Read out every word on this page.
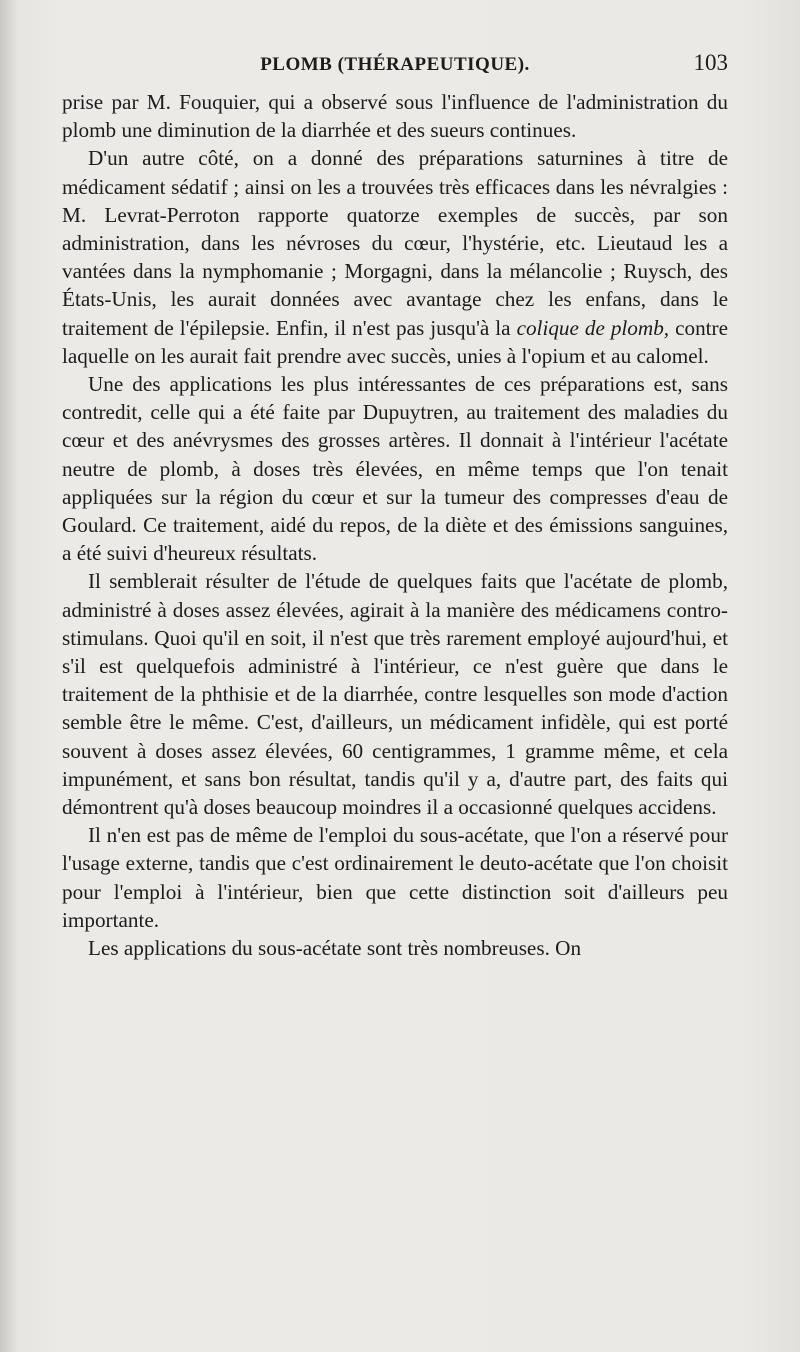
PLOMB (THÉRAPEUTIQUE).	103

prise par M. Fouquier, qui a observé sous l'influence de l'administration du plomb une diminution de la diarrhée et des sueurs continues.

D'un autre côté, on a donné des préparations saturnines à titre de médicament sédatif ; ainsi on les a trouvées très efficaces dans les névralgies : M. Levrat-Perroton rapporte quatorze exemples de succès, par son administration, dans les névroses du cœur, l'hystérie, etc. Lieutaud les a vantées dans la nymphomanie ; Morgagni, dans la mélancolie ; Ruysch, des États-Unis, les aurait données avec avantage chez les enfans, dans le traitement de l'épilepsie. Enfin, il n'est pas jusqu'à la colique de plomb, contre laquelle on les aurait fait prendre avec succès, unies à l'opium et au calomel.

Une des applications les plus intéressantes de ces préparations est, sans contredit, celle qui a été faite par Dupuytren, au traitement des maladies du cœur et des anévrysmes des grosses artères. Il donnait à l'intérieur l'acétate neutre de plomb, à doses très élevées, en même temps que l'on tenait appliquées sur la région du cœur et sur la tumeur des compresses d'eau de Goulard. Ce traitement, aidé du repos, de la diète et des émissions sanguines, a été suivi d'heureux résultats.

Il semblerait résulter de l'étude de quelques faits que l'acétate de plomb, administré à doses assez élevées, agirait à la manière des médicamens contro-stimulans. Quoi qu'il en soit, il n'est que très rarement employé aujourd'hui, et s'il est quelquefois administré à l'intérieur, ce n'est guère que dans le traitement de la phthisie et de la diarrhée, contre lesquelles son mode d'action semble être le même. C'est, d'ailleurs, un médicament infidèle, qui est porté souvent à doses assez élevées, 60 centigrammes, 1 gramme même, et cela impunément, et sans bon résultat, tandis qu'il y a, d'autre part, des faits qui démontrent qu'à doses beaucoup moindres il a occasionné quelques accidens.

Il n'en est pas de même de l'emploi du sous-acétate, que l'on a réservé pour l'usage externe, tandis que c'est ordinairement le deuto-acétate que l'on choisit pour l'emploi à l'intérieur, bien que cette distinction soit d'ailleurs peu importante.

Les applications du sous-acétate sont très nombreuses. On
